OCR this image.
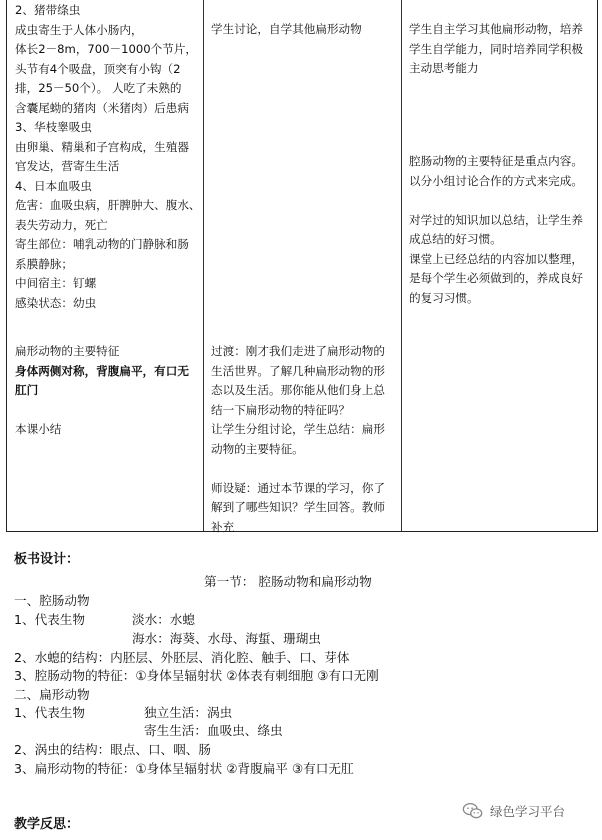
2、猪带绦虫
成虫寄生于人体小肠内，
体长2－8m，700－1000个节片，
头节有4个吸盘，顶突有小钩（2
排，25－50个）。 人吃了未熟的
含囊尾蚴的猪肉（米猪肉）后患病
3、华枝睾吸虫
由卵巢、精巢和子宫构成，生殖器
官发达，营寄生生活
4、日本血吸虫
危害：血吸虫病，肝脾肿大、腹水、
表失劳动力，死亡
寄生部位：哺乳动物的门静脉和肠
系膜静脉；
中间宿主：钉螺
感染状态：幼虫
扁形动物的主要特征
身体两侧对称，背腹扁平，有口无
肛门
本课小结
学生讨论，自学其他扁形动物
过渡：刚才我们走进了扁形动物的
生活世界。了解几种扁形动物的形
态以及生活。那你能从他们身上总
结一下扁形动物的特征吗？
让学生分组讨论，学生总结：扁形
动物的主要特征。
师设疑：通过本节课的学习，你了
解到了哪些知识？学生回答。教师
补充
学生自主学习其他扁形动物，培养
学生自学能力，同时培养同学积极
主动思考能力
腔肠动物的主要特征是重点内容。
以分小组讨论合作的方式来完成。
对学过的知识加以总结，让学生养
成总结的好习惯。
课堂上已经总结的内容加以整理，
是每个学生必须做到的，养成良好
的复习习惯。
板书设计：
第一节： 腔肠动物和扁形动物
一、腔肠动物
1、代表生物	淡水：水螅
海水：海葵、水母、海蜇、珊瑚虫
2、水螅的结构：内胚层、外胚层、消化腔、触手、口、芽体
3、腔肠动物的特征：①身体呈辐射状 ②体表有刺细胞 ③有口无刚
二、扁形动物
1、代表生物	独立生活：涡虫
寄生生活：血吸虫、绦虫
2、涡虫的结构：眼点、口、咽、肠
3、扁形动物的特征：①身体呈辐射状 ②背腹扁平 ③有口无肛
教学反思：
绿色学习平台
